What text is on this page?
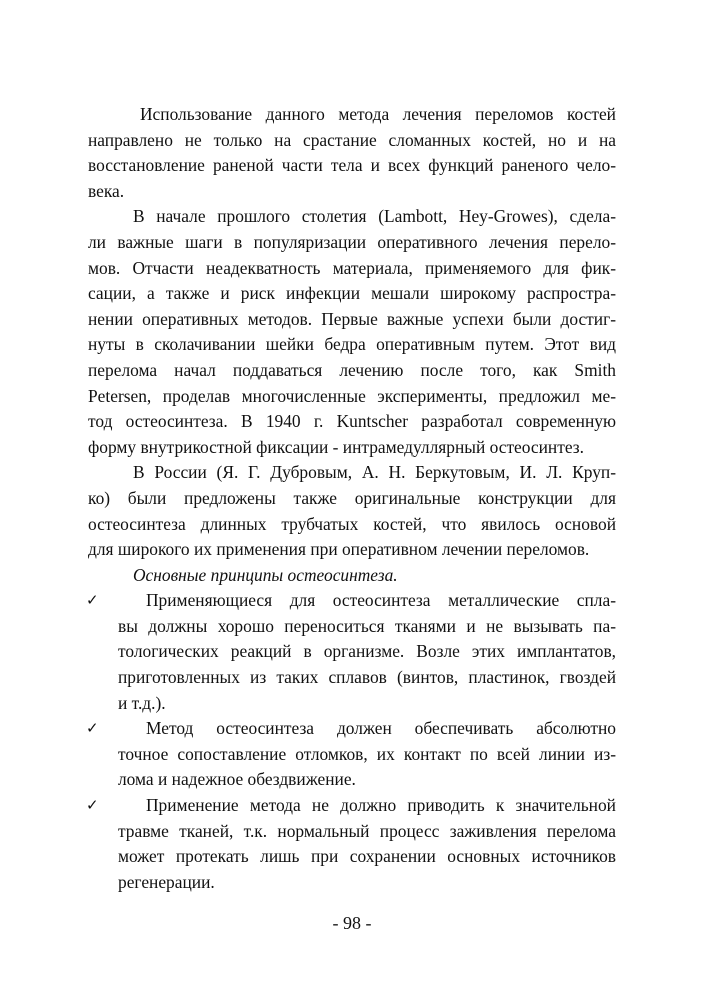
Использование данного метода лечения переломов костей
направлено не только на срастание сломанных костей, но и на
восстановление раненой части тела и всех функций раненого чело-
века.

В начале прошлого столетия (Lambott, Hey-Growes), сдела-
ли важные шаги в популяризации оперативного лечения перело-
мов. Отчасти неадекватность материала, применяемого для фик-
сации, а также и риск инфекции мешали широкому распростра-
нении оперативных методов. Первые важные успехи были достиг-
нуты в сколачивании шейки бедра оперативным путем. Этот вид
перелома начал поддаваться лечению после того, как Smith
Petersen, проделав многочисленные эксперименты, предложил ме-
тод остеосинтеза. В 1940 г. Kuntscher разработал современную
форму внутрикостной фиксации - интрамедуллярный остеосинтез.

В России (Я. Г. Дубровым, А. Н. Беркутовым, И. Л. Круп-
ко) были предложены также оригинальные конструкции для
остеосинтеза длинных трубчатых костей, что явилось основой
для широкого их применения при оперативном лечении переломов.

Основные принципы остеосинтеза.

✓	Применяющиеся для остеосинтеза металлические спла-
вы должны хорошо переноситься тканями и не вызывать па-
тологических реакций в организме. Возле этих имплантатов,
приготовленных из таких сплавов (винтов, пластинок, гвоздей
и т.д.).

✓	Метод остеосинтеза должен обеспечивать абсолютно
точное сопоставление отломков, их контакт по всей линии из-
лома и надежное обездвижение.

✓	Применение метода не должно приводить к значительной
травме тканей, т.к. нормальный процесс заживления перелома
может протекать лишь при сохранении основных источников
регенерации.

- 98 -
